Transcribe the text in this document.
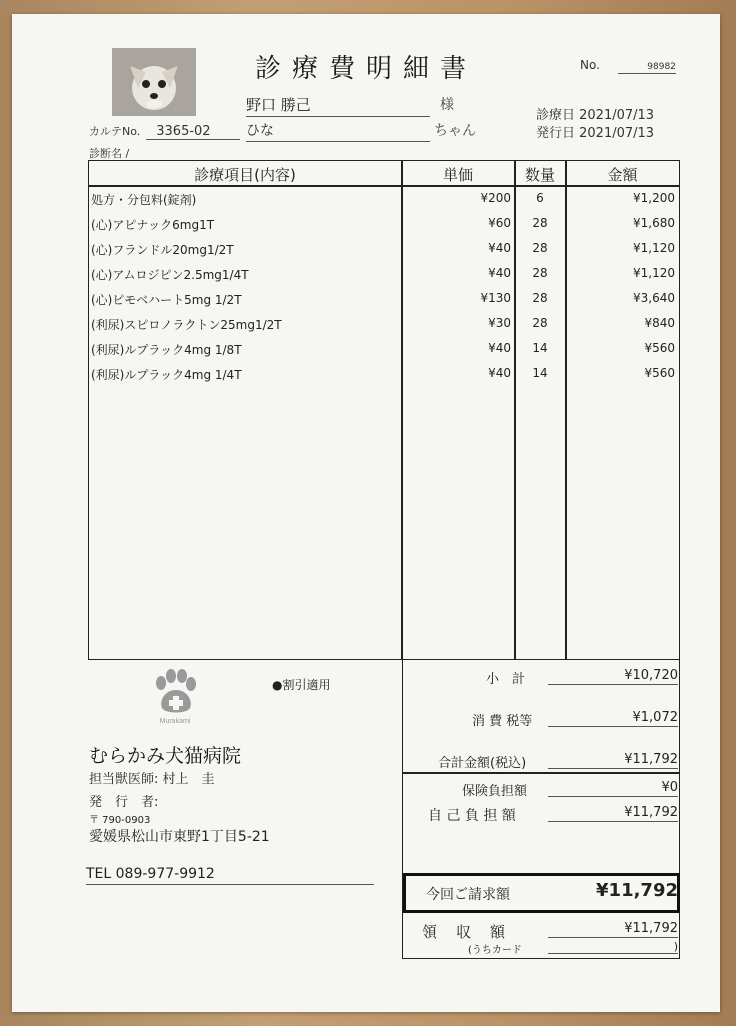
診療費明細書	No.	98982
野口 勝己	様
ひな	ちゃん
診療日 2021/07/13
発行日 2021/07/13
カルテNo. 3365-02
診断名 /
診療項目(内容)	単価	数量	金額
処方・分包料(錠剤)	¥200	6	¥1,200
(心)アピナック6mg1T	¥60	28	¥1,680
(心)フランドル20mg1/2T	¥40	28	¥1,120
(心)アムロジピン2.5mg1/4T	¥40	28	¥1,120
(心)ピモベハート5mg 1/2T	¥130	28	¥3,640
(利尿)スピロノラクトン25mg1/2T	¥30	28	¥840
(利尿)ルプラック4mg 1/8T	¥40	14	¥560
(利尿)ルプラック4mg 1/4T	¥40	14	¥560
●割引適用
Murakami
むらかみ犬猫病院
担当獣医師: 村上　圭
発　行　者:
〒 790-0903
愛媛県松山市東野1丁目5-21
TEL 089-977-9912
小　計	¥10,720
消 費 税等	¥1,072
合計金額(税込)	¥11,792
保険負担額	¥0
自 己 負 担 額	¥11,792
今回ご請求額	¥11,792
領　収　額	¥11,792
(うちカード	)
